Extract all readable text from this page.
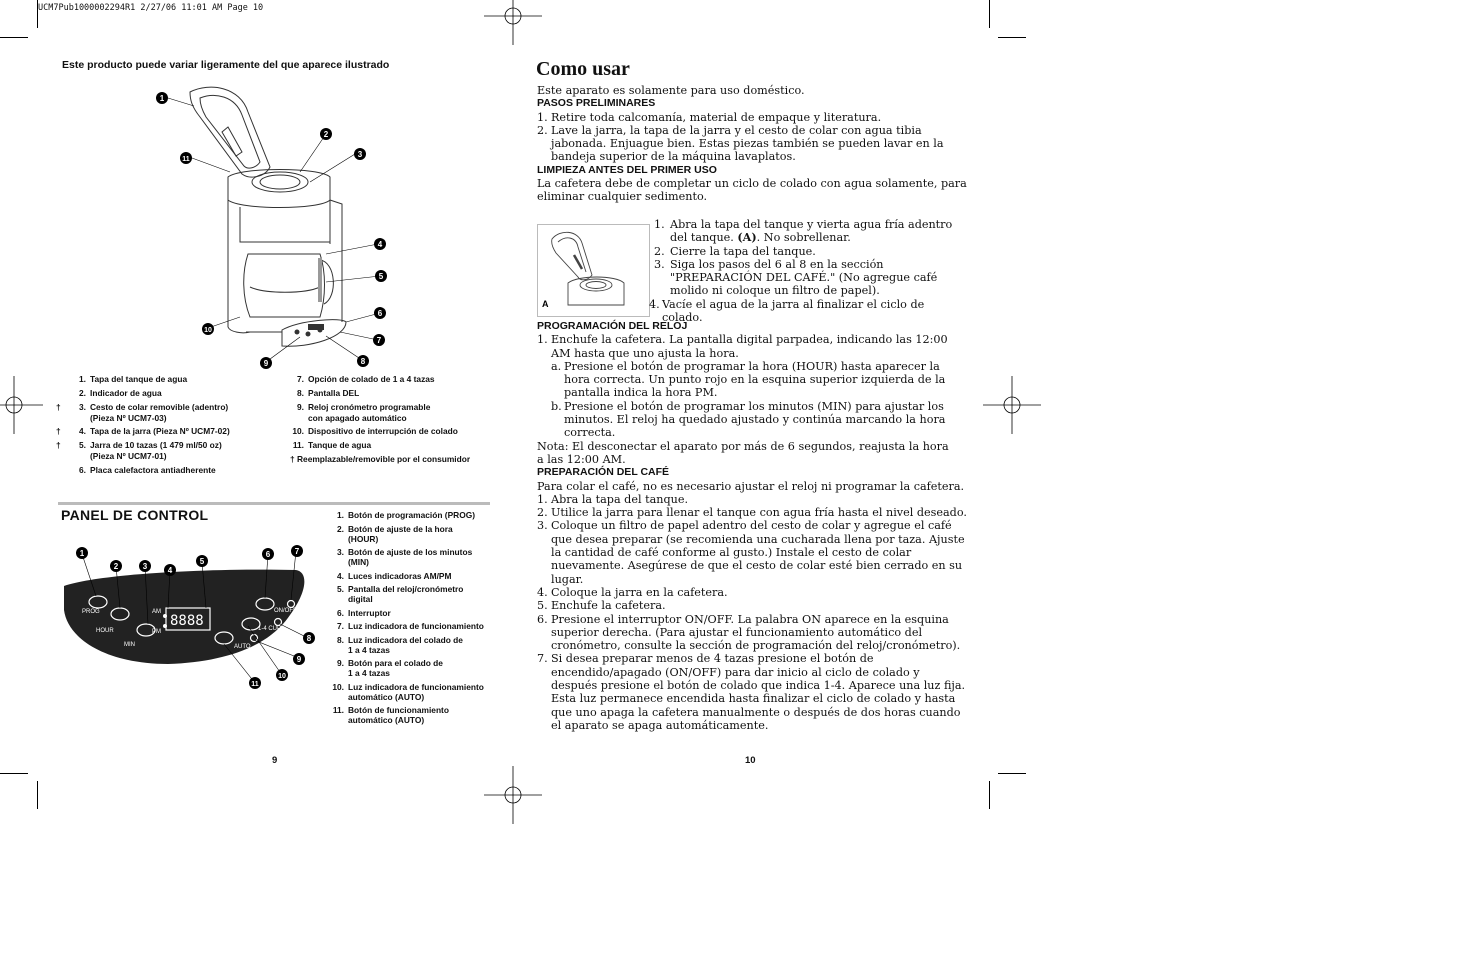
UCM7Pub1000002294R1 2/27/06 11:01 AM Page 10
Este producto puede variar ligeramente del que aparece ilustrado
1
2
3
4
5
6
7
8
9
10
11
1. Tapa del tanque de agua
2. Indicador de agua
†	3. Cesto de colar removible (adentro)
(Pieza Nº UCM7-03)
†	4. Tapa de la jarra (Pieza Nº UCM7-02)
†	5. Jarra de 10 tazas (1 479 ml/50 oz)
(Pieza Nº UCM7-01)
6. Placa calefactora antiadherente
7. Opción de colado de 1 a 4 tazas
8. Pantalla DEL
9. Reloj cronómetro programable
con apagado automático
10. Dispositivo de interrupción de colado
11. Tanque de agua
† Reemplazable/removible por el consumidor
PANEL DE CONTROL
PROG
HOUR
MIN
AM
PM
ON/OFF
1-4 CUP
AUTO
8888
1
2	3	4
5
6	7
8
9
10
11
1. Botón de programación (PROG)
2. Botón de ajuste de la hora
(HOUR)
3. Botón de ajuste de los minutos
(MIN)
4. Luces indicadoras AM/PM
5. Pantalla del reloj/cronómetro
digital
6. Interruptor
7. Luz indicadora de funcionamiento
8. Luz indicadora del colado de
1 a 4 tazas
9. Botón para el colado de
1 a 4 tazas
10. Luz indicadora de funcionamiento
automático (AUTO)
11. Botón de funcionamiento
automático (AUTO)
9
Como usar
Este aparato es solamente para uso doméstico.
PASOS PRELIMINARES
1. Retire toda calcomanía, material de empaque y literatura.
2. Lave la jarra, la tapa de la jarra y el cesto de colar con agua tibia jabonada. Enjuague bien. Estas piezas también se pueden lavar en la bandeja superior de la máquina lavaplatos.
LIMPIEZA ANTES DEL PRIMER USO
La cafetera debe de completar un ciclo de colado con agua solamente, para eliminar cualquier sedimento.
A
1. Abra la tapa del tanque y vierta agua fría adentro del tanque. (A). No sobrellenar.
2. Cierre la tapa del tanque.
3. Siga los pasos del 6 al 8 en la sección "PREPARACIÓN DEL CAFÉ." (No agregue café molido ni coloque un filtro de papel).
4. Vacíe el agua de la jarra al finalizar el ciclo de colado.
PROGRAMACIÓN DEL RELOJ
1. Enchufe la cafetera. La pantalla digital parpadea, indicando las 12:00 AM hasta que uno ajusta la hora.
a. Presione el botón de programar la hora (HOUR) hasta aparecer la hora correcta. Un punto rojo en la esquina superior izquierda de la pantalla indica la hora PM.
b. Presione el botón de programar los minutos (MIN) para ajustar los minutos. El reloj ha quedado ajustado y continúa marcando la hora correcta.
Nota: El desconectar el aparato por más de 6 segundos, reajusta la hora a las 12:00 AM.
PREPARACIÓN DEL CAFÉ
Para colar el café, no es necesario ajustar el reloj ni programar la cafetera.
1. Abra la tapa del tanque.
2. Utilice la jarra para llenar el tanque con agua fría hasta el nivel deseado.
3. Coloque un filtro de papel adentro del cesto de colar y agregue el café que desea preparar (se recomienda una cucharada llena por taza. Ajuste la cantidad de café conforme al gusto.) Instale el cesto de colar nuevamente. Asegúrese de que el cesto de colar esté bien cerrado en su lugar.
4. Coloque la jarra en la cafetera.
5. Enchufe la cafetera.
6. Presione el interruptor ON/OFF. La palabra ON aparece en la esquina superior derecha. (Para ajustar el funcionamiento automático del cronómetro, consulte la sección de programación del reloj/cronómetro).
7. Si desea preparar menos de 4 tazas presione el botón de encendido/apagado (ON/OFF) para dar inicio al ciclo de colado y después presione el botón de colado que indica 1-4. Aparece una luz fija. Esta luz permanece encendida hasta finalizar el ciclo de colado y hasta que uno apaga la cafetera manualmente o después de dos horas cuando el aparato se apaga automáticamente.
10
